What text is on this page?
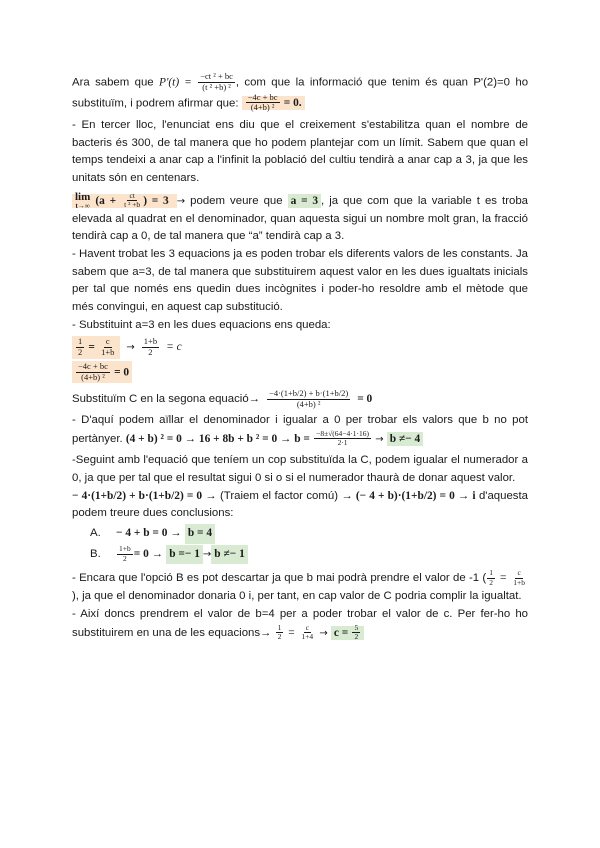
Ara sabem que $P'(t) = \frac{\text{−ct ² + bc}}{\text{(t ² +b) ²}}$ , com que la informació que tenim és quan P'(2)=0 ho substituïm, i podrem afirmar que: $\frac{-4c + bc}{\text{(4+b) ²}} = 0$.

- En tercer lloc, l'enunciat ens diu que el creixement s'estabilitza quan el nombre de bacteris és 300, de tal manera que ho podem plantejar com un límit. Sabem que quan el temps tendeixi a anar cap a l'infinit la població del cultiu tendirà a anar cap a 3, ja que les unitats són en centenars.

lim
t→∞ ($a + \frac{ct}{\text{t ² +b}}$ ) = 3 → podem veure que a = 3 , ja que com que la variable t es troba elevada al quadrat en el denominador, quan aquesta sigui un nombre molt gran, la fracció tendirà cap a 0, de tal manera que “a” tendirà cap a 3.

- Havent trobat les 3 equacions ja es poden trobar els diferents valors de les constants. Ja sabem que a=3, de tal manera que substituirem aquest valor en les dues igualtats inicials per tal que només ens quedin dues incògnites i poder-ho resoldre amb el mètode que més convingui, en aquest cap substitució.

- Substituint a=3 en les dues equacions ens queda:

$\frac{1}{2} = \frac{c}{1+b} \to \frac{1+b}{2} = c$
$\frac{-4c + bc}{\text{(4+b) ²}} = 0$
Substituïm C en la segona equació→ $\frac{-4\cdot(1+b/2) + b\cdot(1+b/2)}{\text{(4+b) ²}} = 0$

- D'aquí podem aïllar el denominador i igualar a 0 per trobar els valors que b no pot pertànyer. (4 + b) ² = 0 → 16 + 8b + b $^2 = 0 \to b = \frac{-8\pm√(64-4\cdot 1\cdot 16)}{2\cdot 1} \to b \ne- 4$

-Seguint amb l'equació que teníem un cop substituïda la C, podem igualar el numerador a 0, ja que per tal que el resultat sigui 0 si o si el numerador thaurà de donar aquest valor.

− 4·(1+b/2) + b·(1+b/2) = 0 → (Traiem el factor comú) → (− 4 + b)·(1+b/2) = 0 → i d'aquesta podem treure dues conclusions:

A.	− 4 + b = 0 →
b = 4
B.	$\frac{1+b}{2} = 0$ →
b =− 1 → b ≠− 1

- Encara que l'opció B es pot descartar ja que b mai podrà prendre el valor de -1 ( $\frac{1}{2} = \frac{c}{1+b}$
), ja que el denominador donaria 0 i, per tant, en cap valor de C podria complir la igualtat.

- Així doncs prendrem el valor de b=4 per a poder trobar el valor de c. Per fer-ho ho substituirem en una de les equacions→ $\frac{1}{2} = \frac{c}{1+4} \to c = \frac{5}{2}$
